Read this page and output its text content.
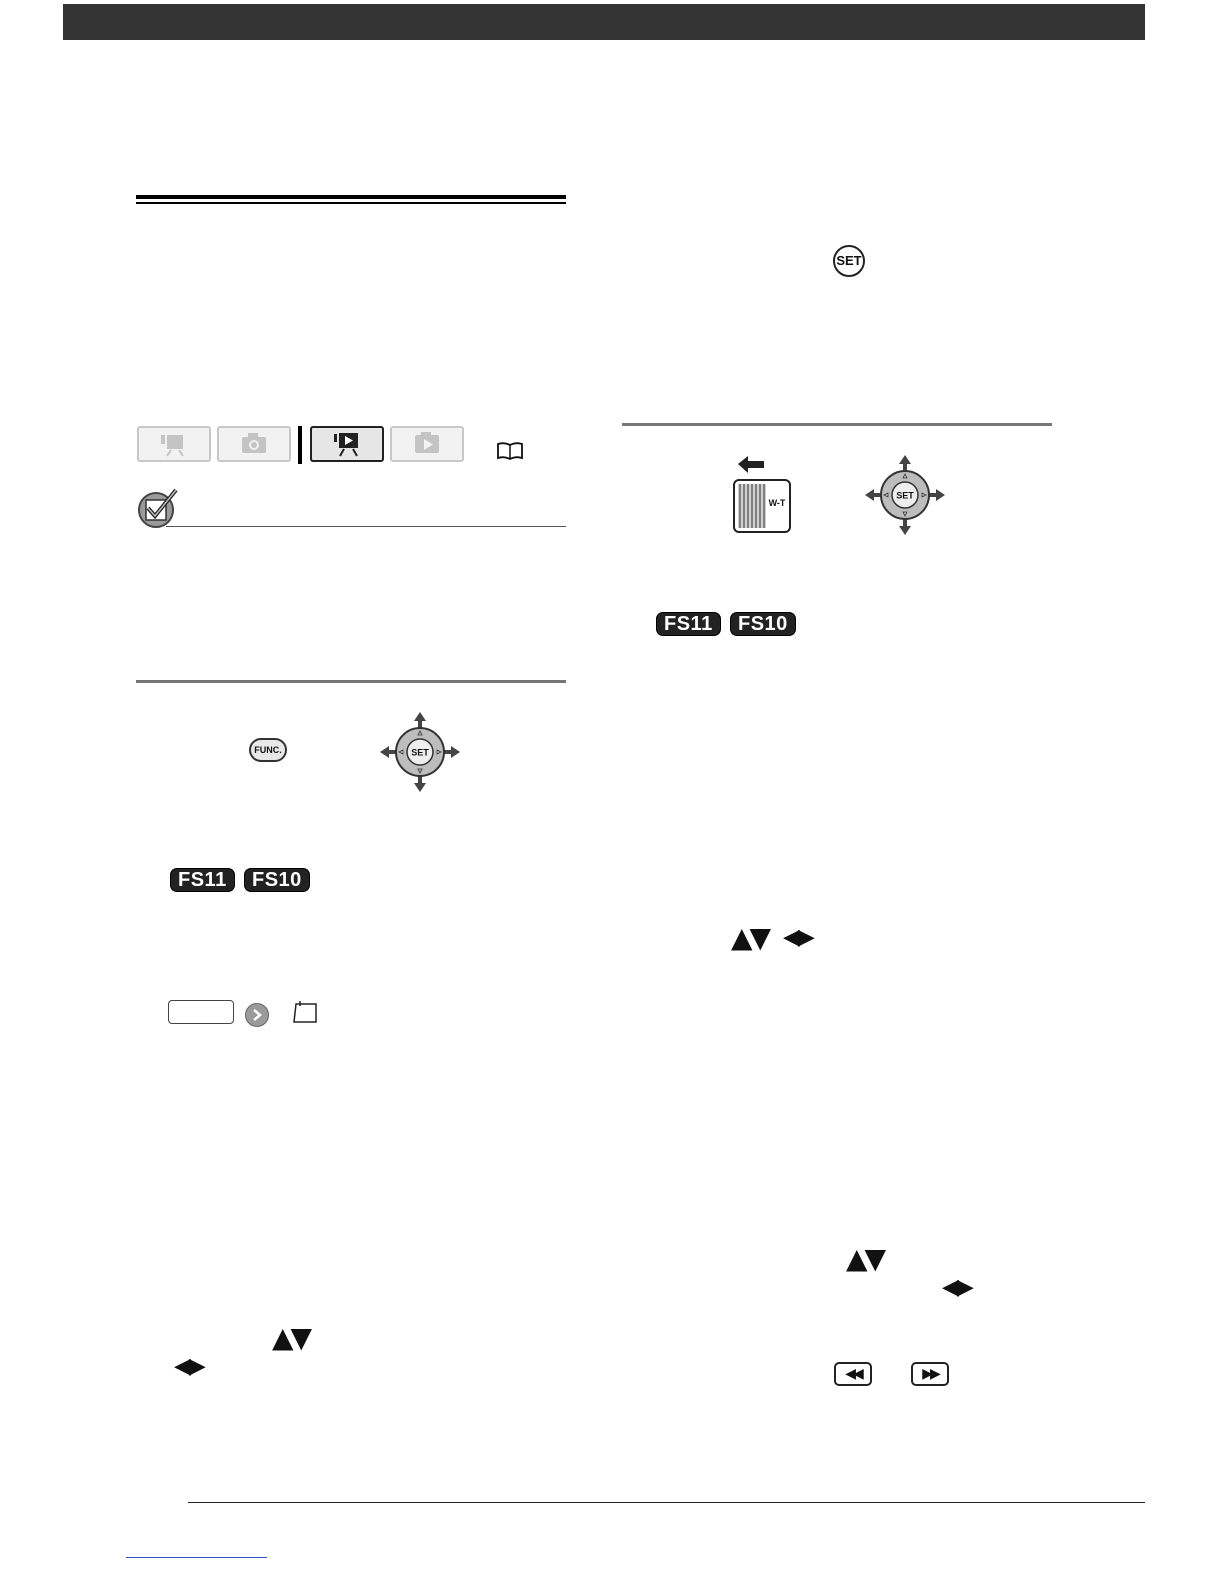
FUNC.	SET
FS11	FS10
▲▼
◀▶
SET
W-T
SET
FS11	FS10
▲▼ ◀▶
▲▼
◀▶
◀◀	▶▶
